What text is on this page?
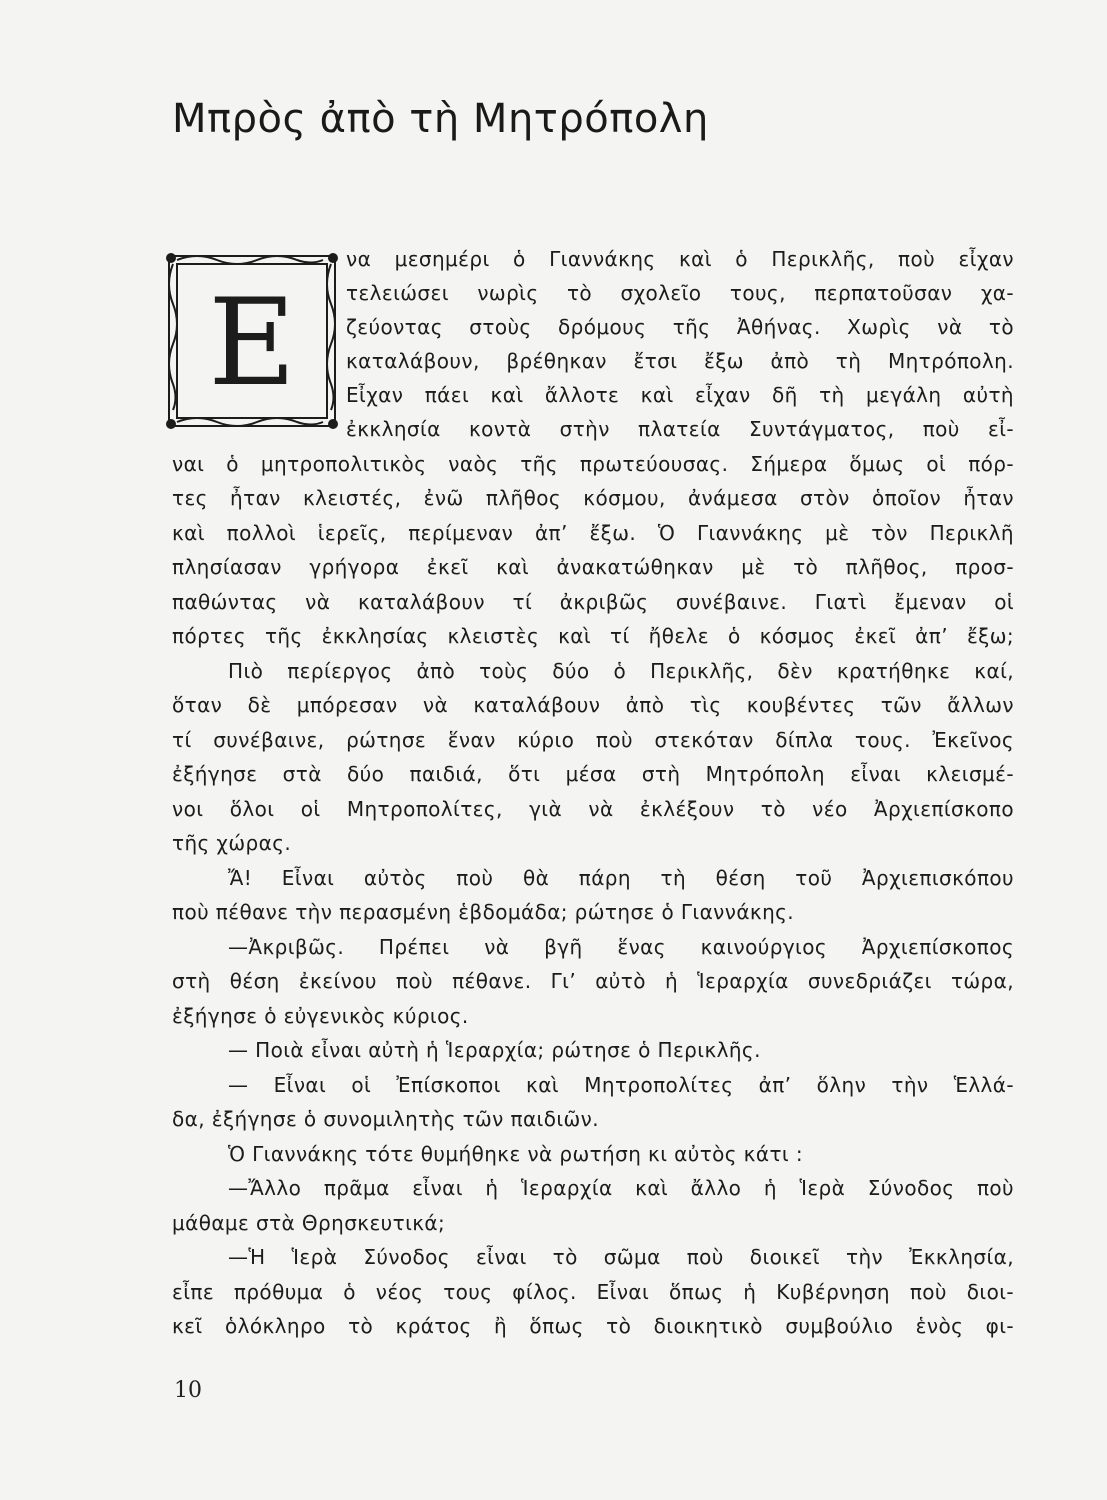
Μπρὸς ἀπὸ τὴ Μητρόπολη
Ε
να μεσημέρι ὁ Γιαννάκης καὶ ὁ Περικλῆς, ποὺ εἶχαν
τελειώσει νωρὶς τὸ σχολεῖο τους, περπατοῦσαν χα-
ζεύοντας στοὺς δρόμους τῆς Ἀθήνας. Χωρὶς νὰ τὸ
καταλάβουν, βρέθηκαν ἔτσι ἔξω ἀπὸ τὴ Μητρόπολη.
Εἶχαν πάει καὶ ἄλλοτε καὶ εἶχαν δῆ τὴ μεγάλη αὐτὴ
ἐκκλησία κοντὰ στὴν πλατεία Συντάγματος, ποὺ εἶ-
ναι ὁ μητροπολιτικὸς ναὸς τῆς πρωτεύουσας. Σήμερα ὅμως οἱ πόρ-
τες ἦταν κλειστές, ἐνῶ πλῆθος κόσμου, ἀνάμεσα στὸν ὁποῖον ἦταν
καὶ πολλοὶ ἱερεῖς, περίμεναν ἀπ’ ἔξω. Ὁ Γιαννάκης μὲ τὸν Περικλῆ
πλησίασαν γρήγορα ἐκεῖ καὶ ἀνακατώθηκαν μὲ τὸ πλῆθος, προσ-
παθώντας νὰ καταλάβουν τί ἀκριβῶς συνέβαινε. Γιατὶ ἔμεναν οἱ
πόρτες τῆς ἐκκλησίας κλειστὲς καὶ τί ἤθελε ὁ κόσμος ἐκεῖ ἀπ’ ἔξω;
Πιὸ περίεργος ἀπὸ τοὺς δύο ὁ Περικλῆς, δὲν κρατήθηκε καί,
ὅταν δὲ μπόρεσαν νὰ καταλάβουν ἀπὸ τὶς κουβέντες τῶν ἄλλων
τί συνέβαινε, ρώτησε ἕναν κύριο ποὺ στεκόταν δίπλα τους. Ἐκεῖνος
ἐξήγησε στὰ δύο παιδιά, ὅτι μέσα στὴ Μητρόπολη εἶναι κλεισμέ-
νοι ὅλοι οἱ Μητροπολίτες, γιὰ νὰ ἐκλέξουν τὸ νέο Ἀρχιεπίσκοπο
τῆς χώρας.
Ἄ! Εἶναι αὐτὸς ποὺ θὰ πάρη τὴ θέση τοῦ Ἀρχιεπισκόπου
ποὺ πέθανε τὴν περασμένη ἑβδομάδα; ρώτησε ὁ Γιαννάκης.
—Ἀκριβῶς. Πρέπει νὰ βγῆ ἕνας καινούργιος Ἀρχιεπίσκοπος
στὴ θέση ἐκείνου ποὺ πέθανε. Γι’ αὐτὸ ἡ Ἱεραρχία συνεδριάζει τώρα,
ἐξήγησε ὁ εὐγενικὸς κύριος.
— Ποιὰ εἶναι αὐτὴ ἡ Ἱεραρχία; ρώτησε ὁ Περικλῆς.
— Εἶναι οἱ Ἐπίσκοποι καὶ Μητροπολίτες ἀπ’ ὅλην τὴν Ἑλλά-
δα, ἐξήγησε ὁ συνομιλητὴς τῶν παιδιῶν.
Ὁ Γιαννάκης τότε θυμήθηκε νὰ ρωτήση κι αὐτὸς κάτι :
—Ἄλλο πρᾶμα εἶναι ἡ Ἱεραρχία καὶ ἄλλο ἡ Ἱερὰ Σύνοδος ποὺ
μάθαμε στὰ Θρησκευτικά;
—Ἡ Ἱερὰ Σύνοδος εἶναι τὸ σῶμα ποὺ διοικεῖ τὴν Ἐκκλησία,
εἶπε πρόθυμα ὁ νέος τους φίλος. Εἶναι ὅπως ἡ Κυβέρνηση ποὺ διοι-
κεῖ ὁλόκληρο τὸ κράτος ἢ ὅπως τὸ διοικητικὸ συμβούλιο ἑνὸς φι-
10
